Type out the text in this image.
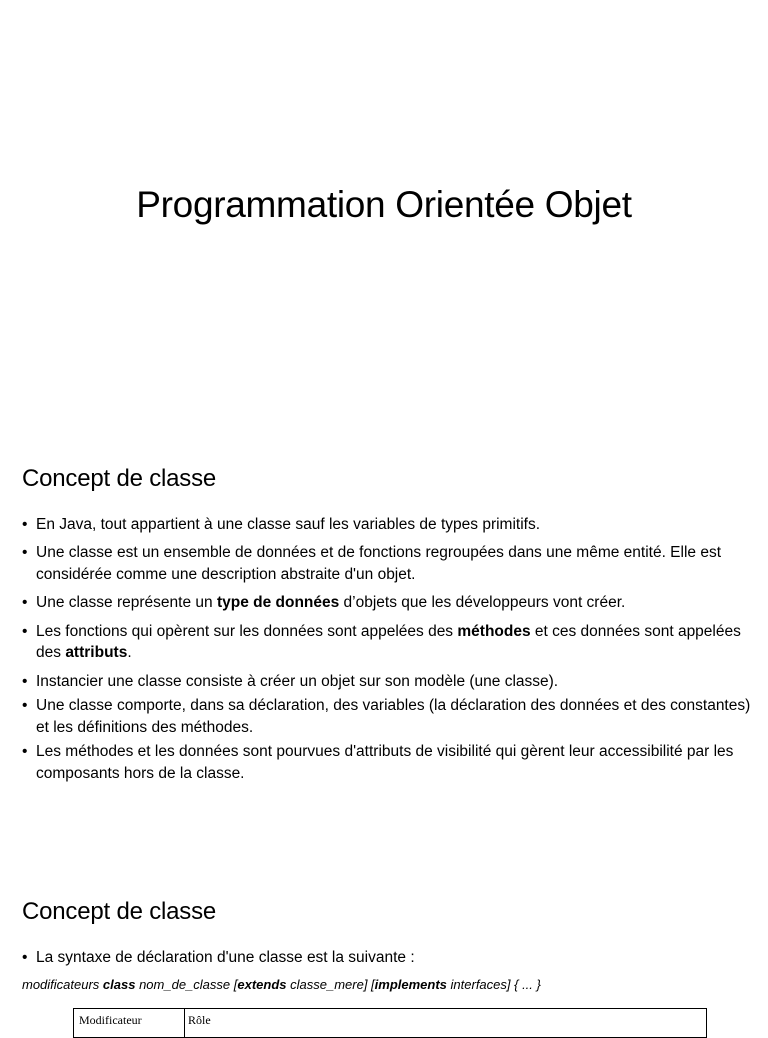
Programmation Orientée Objet
Concept de classe
• En Java, tout appartient à une classe sauf les variables de types primitifs.
• Une classe est un ensemble de données et de fonctions regroupées dans une même entité. Elle est considérée comme une description abstraite d'un objet.
• Une classe représente un type de données d’objets que les développeurs vont créer.
• Les fonctions qui opèrent sur les données sont appelées des méthodes et ces données sont appelées des attributs.
• Instancier une classe consiste à créer un objet sur son modèle (une classe).
• Une classe comporte, dans sa déclaration, des variables (la déclaration des données et des constantes) et les définitions des méthodes.
• Les méthodes et les données sont pourvues d'attributs de visibilité qui gèrent leur accessibilité par les composants hors de la classe.
Concept de classe
• La syntaxe de déclaration d'une classe est la suivante :
modificateurs class nom_de_classe [extends classe_mere] [implements interfaces] { ... }
Modificateur	Rôle
